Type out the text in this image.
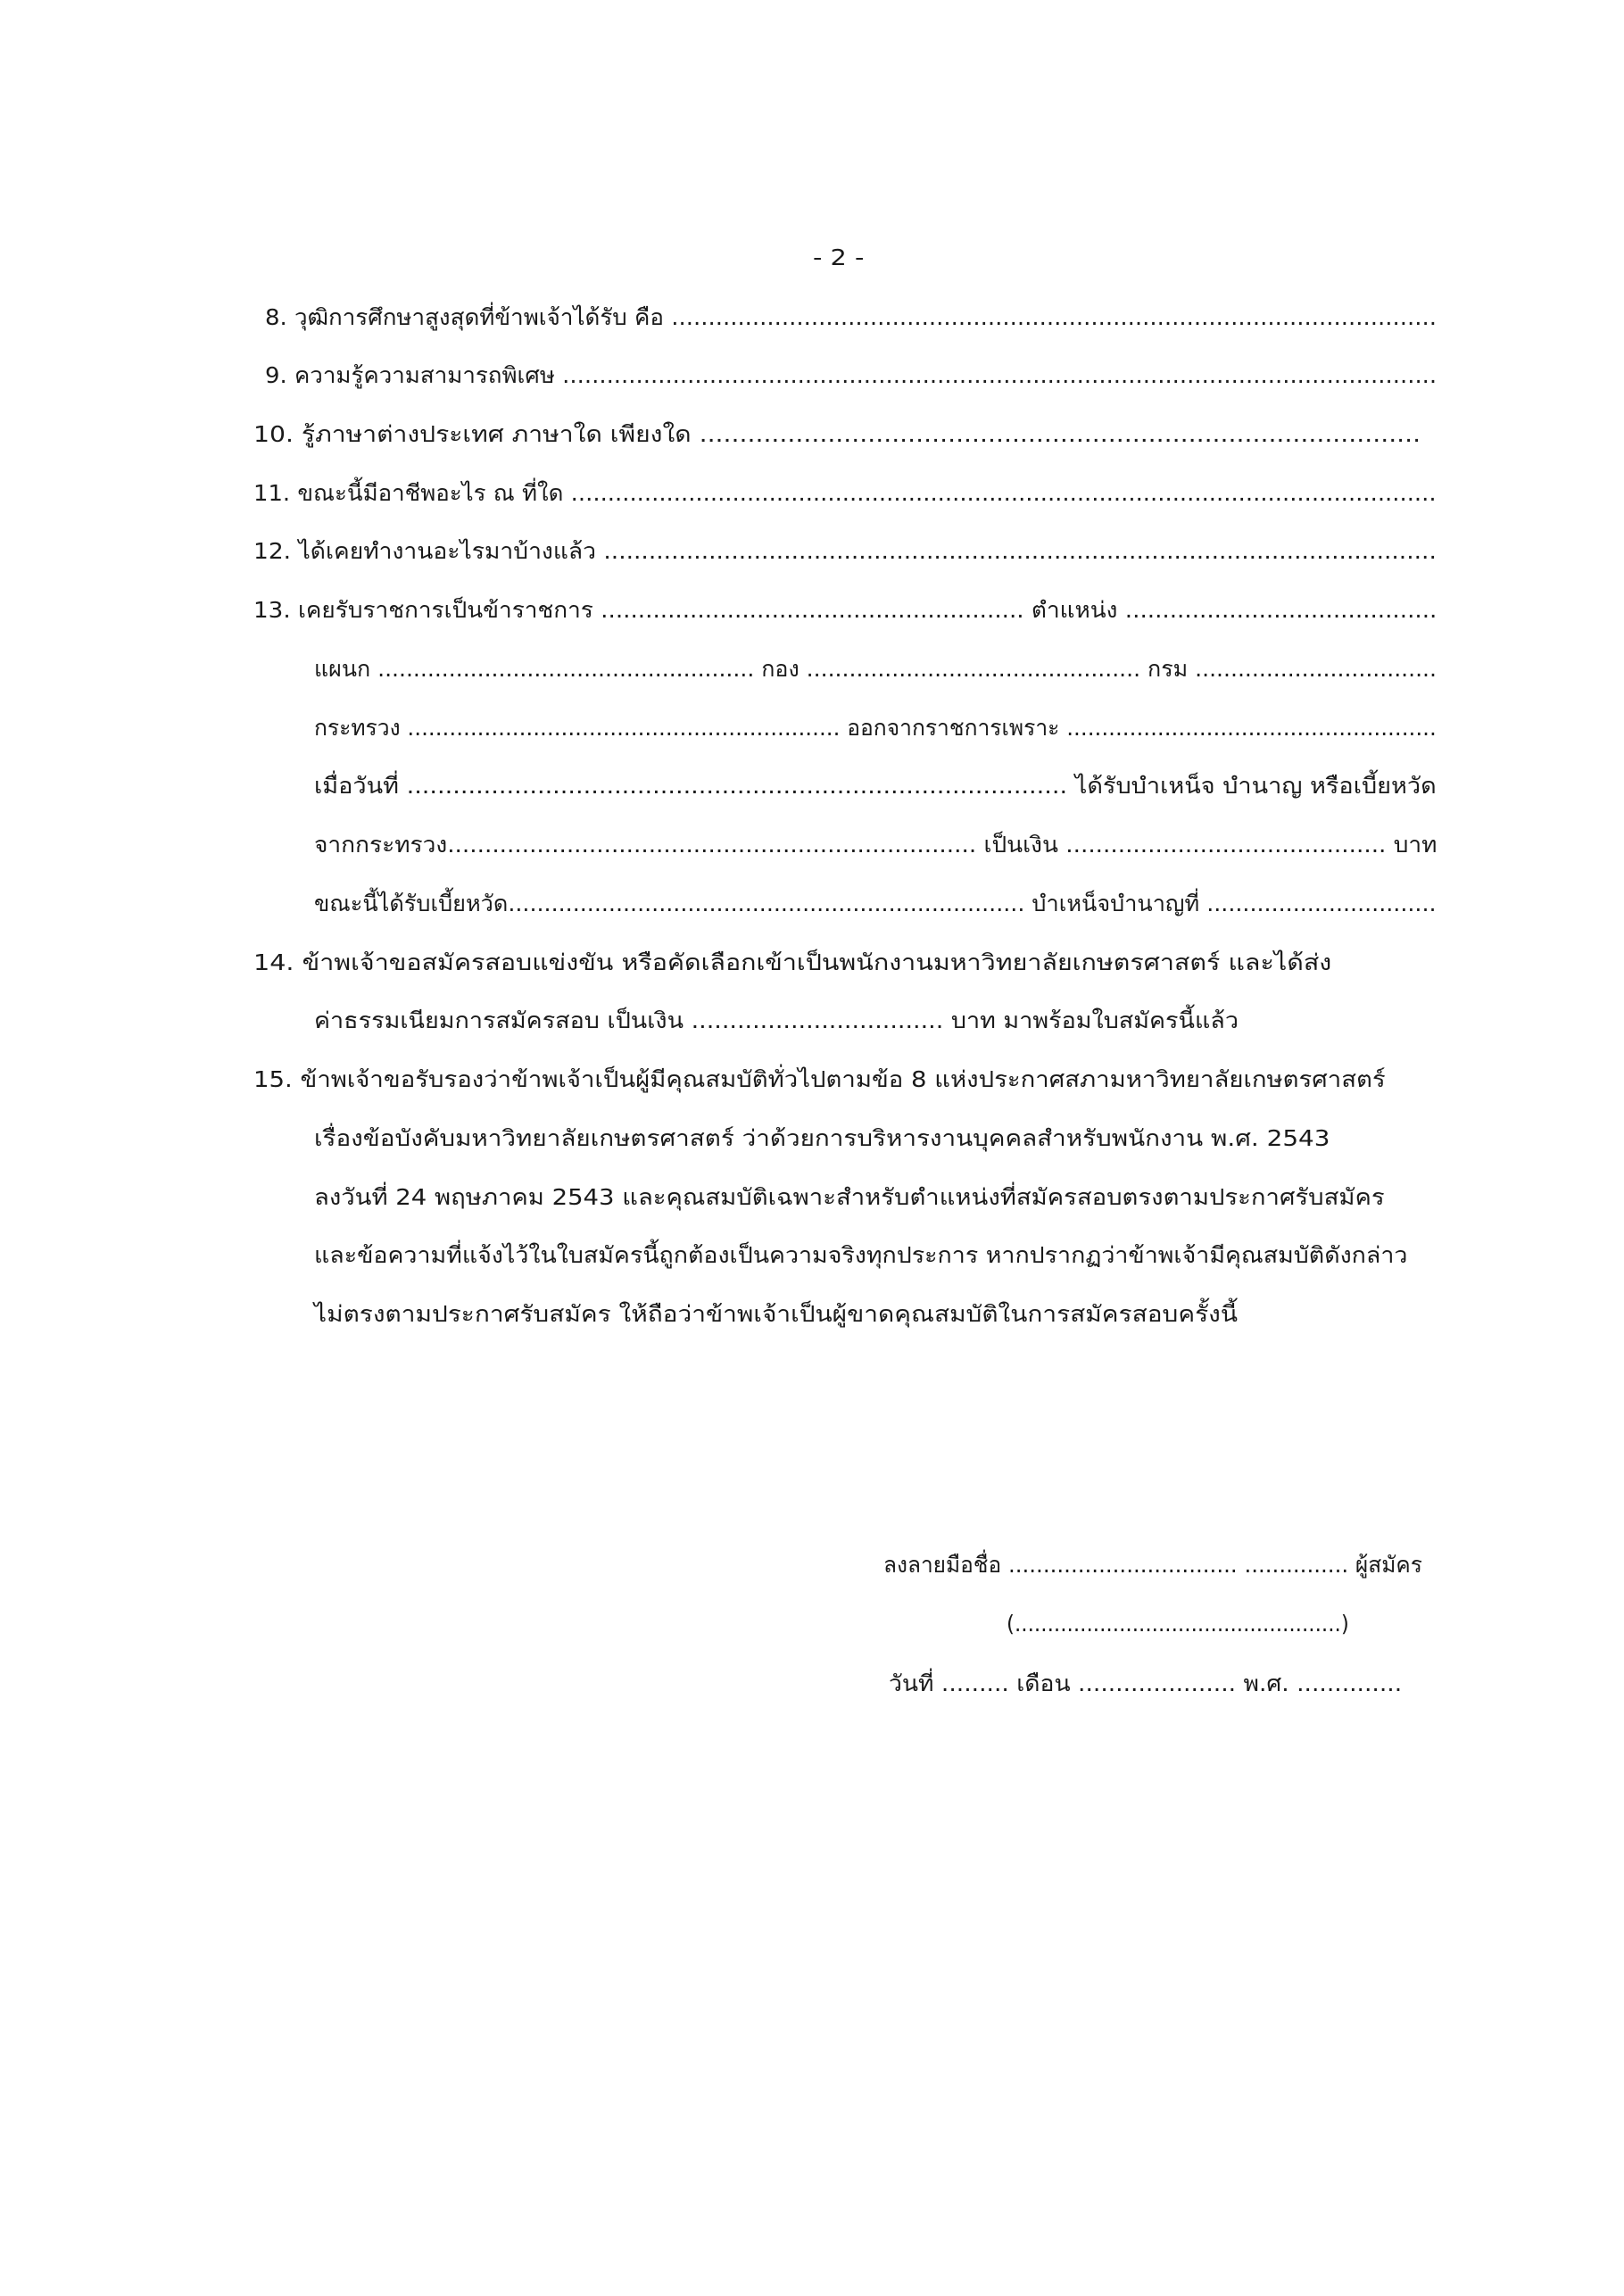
- 2 -
8. วุฒิการศึกษาสูงสุดที่ข้าพเจ้าได้รับ คือ ........................................................................................................
9. ความรู้ความสามารถพิเศษ .......................................................................................................................
10. รู้ภาษาต่างประเทศ ภาษาใด เพียงใด ..........................................................................................
11. ขณะนี้มีอาชีพอะไร ณ ที่ใด ......................................................................................................................
12. ได้เคยทำงานอะไรมาบ้างแล้ว ...............................................................................................................
13. เคยรับราชการเป็นข้าราชการ ......................................................... ตำแหน่ง ..........................................
แผนก ..................................................... กอง ............................................... กรม ..................................
กระทรวง .............................................................. ออกจากราชการเพราะ .....................................................
เมื่อวันที่ ...................................................................................... ได้รับบำเหน็จ บำนาญ หรือเบี้ยหวัด
จากกระทรวง....................................................................... เป็นเงิน ........................................... บาท
ขณะนี้ได้รับเบี้ยหวัด........................................................................ บำเหน็จบำนาญที่ ................................
14. ข้าพเจ้าขอสมัครสอบแข่งขัน หรือคัดเลือกเข้าเป็นพนักงานมหาวิทยาลัยเกษตรศาสตร์ และได้ส่ง
ค่าธรรมเนียมการสมัครสอบ เป็นเงิน ................................. บาท มาพร้อมใบสมัครนี้แล้ว
15. ข้าพเจ้าขอรับรองว่าข้าพเจ้าเป็นผู้มีคุณสมบัติทั่วไปตามข้อ 8 แห่งประกาศสภามหาวิทยาลัยเกษตรศาสตร์
เรื่องข้อบังคับมหาวิทยาลัยเกษตรศาสตร์ ว่าด้วยการบริหารงานบุคคลสำหรับพนักงาน พ.ศ. 2543
ลงวันที่ 24 พฤษภาคม 2543 และคุณสมบัติเฉพาะสำหรับตำแหน่งที่สมัครสอบตรงตามประกาศรับสมัคร
และข้อความที่แจ้งไว้ในใบสมัครนี้ถูกต้องเป็นความจริงทุกประการ หากปรากฏว่าข้าพเจ้ามีคุณสมบัติดังกล่าว
ไม่ตรงตามประกาศรับสมัคร ให้ถือว่าข้าพเจ้าเป็นผู้ขาดคุณสมบัติในการสมัครสอบครั้งนี้
ลงลายมือชื่อ ................................. ............... ผู้สมัคร
(..................................................)
วันที่ ......... เดือน ..................... พ.ศ. ..............
